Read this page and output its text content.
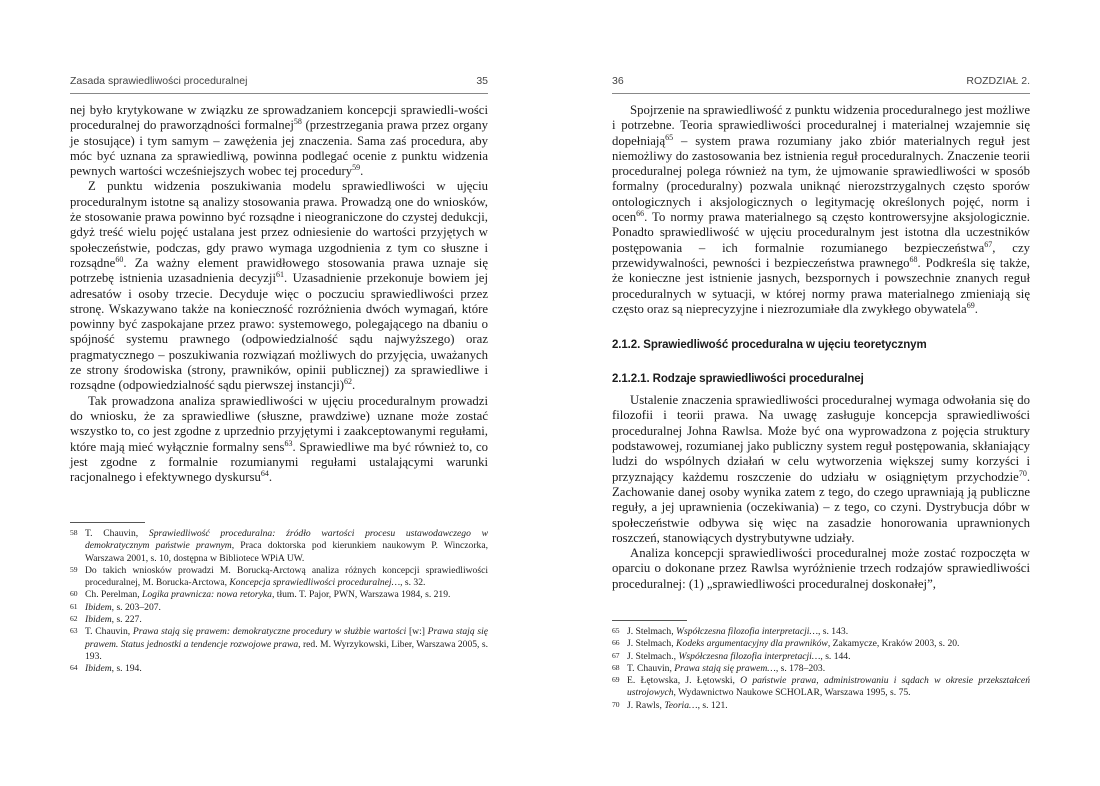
Zasada sprawiedliwości proceduralnej	35

nej było krytykowane w związku ze sprowadzaniem koncepcji sprawiedli-wości proceduralnej do praworządności formalnej$^{58}$ (przestrzegania prawa przez organy je stosujące) i tym samym – zawężenia jej znaczenia. Sama zaś procedura, aby móc być uznana za sprawiedliwą, powinna podlegać ocenie z punktu widzenia pewnych wartości wcześniejszych wobec tej procedury$^{59}$.

Z punktu widzenia poszukiwania modelu sprawiedliwości w ujęciu proceduralnym istotne są analizy stosowania prawa. Prowadzą one do wniosków, że stosowanie prawa powinno być rozsądne i nieograniczone do czystej dedukcji, gdyż treść wielu pojęć ustalana jest przez odniesienie do wartości przyjętych w społeczeństwie, podczas, gdy prawo wymaga uzgodnienia z tym co słuszne i rozsądne$^{60}$. Za ważny element prawidłowego stosowania prawa uznaje się potrzebę istnienia uzasadnienia decyzji$^{61}$. Uzasadnienie przekonuje bowiem jej adresatów i osoby trzecie. Decyduje więc o poczuciu sprawiedliwości przez stronę. Wskazywano także na konieczność rozróżnienia dwóch wymagań, które powinny być zaspokajane przez prawo: systemowego, polegającego na dbaniu o spójność systemu prawnego (odpowiedzialność sądu najwyższego) oraz pragmatycznego – poszukiwania rozwiązań możliwych do przyjęcia, uważanych ze strony środowiska (strony, prawników, opinii publicznej) za sprawiedliwe i rozsądne (odpowiedzialność sądu pierwszej instancji)$^{62}$.

Tak prowadzona analiza sprawiedliwości w ujęciu proceduralnym prowadzi do wniosku, że za sprawiedliwe (słuszne, prawdziwe) uznane może zostać wszystko to, co jest zgodne z uprzednio przyjętymi i zaakceptowanymi regułami, które mają mieć wyłącznie formalny sens$^{63}$. Sprawiedliwe ma być również to, co jest zgodne z formalnie rozumianymi regułami ustalającymi warunki racjonalnego i efektywnego dyskursu$^{64}$.

58 T. Chauvin, Sprawiedliwość proceduralna: źródło wartości procesu ustawodawczego w demokratycznym państwie prawnym, Praca doktorska pod kierunkiem naukowym P. Winczorka, Warszawa 2001, s. 10, dostępna w Bibliotece WPiA UW.

59 Do takich wniosków prowadzi M. Borucką-Arctową analiza różnych koncepcji sprawiedliwości proceduralnej, M. Borucka-Arctowa, Koncepcja sprawiedliwości proceduralnej…, s. 32.

60 Ch. Perelman, Logika prawnicza: nowa retoryka, tłum. T. Pajor, PWN, Warszawa 1984, s. 219.

61 Ibidem, s. 203–207.

62 Ibidem, s. 227.

63 T. Chauvin, Prawa stają się prawem: demokratyczne procedury w służbie wartości [w:] Prawa stają się prawem. Status jednostki a tendencje rozwojowe prawa, red. M. Wyrzykowski, Liber, Warszawa 2005, s. 193.

64 Ibidem, s. 194.

36	ROZDZIAŁ 2.

Spojrzenie na sprawiedliwość z punktu widzenia proceduralnego jest możliwe i potrzebne. Teoria sprawiedliwości proceduralnej i materialnej wzajemnie się dopełniają$^{65}$ – system prawa rozumiany jako zbiór materialnych reguł jest niemożliwy do zastosowania bez istnienia reguł proceduralnych. Znaczenie teorii proceduralnej polega również na tym, że ujmowanie sprawiedliwości w sposób formalny (proceduralny) pozwala uniknąć nierozstrzygalnych często sporów ontologicznych i aksjologicznych o legitymację określonych pojęć, norm i ocen$^{66}$. To normy prawa materialnego są często kontrowersyjne aksjologicznie. Ponadto sprawiedliwość w ujęciu proceduralnym jest istotna dla uczestników postępowania – ich formalnie rozumianego bezpieczeństwa$^{67}$, czy przewidywalności, pewności i bezpieczeństwa prawnego$^{68}$. Podkreśla się także, że konieczne jest istnienie jasnych, bezspornych i powszechnie znanych reguł proceduralnych w sytuacji, w której normy prawa materialnego zmieniają się często oraz są nieprecyzyjne i niezrozumiałe dla zwykłego obywatela$^{69}$.

2.1.2. Sprawiedliwość proceduralna w ujęciu teoretycznym
2.1.2.1. Rodzaje sprawiedliwości proceduralnej

Ustalenie znaczenia sprawiedliwości proceduralnej wymaga odwołania się do filozofii i teorii prawa. Na uwagę zasługuje koncepcja sprawiedliwości proceduralnej Johna Rawlsa. Może być ona wyprowadzona z pojęcia struktury podstawowej, rozumianej jako publiczny system reguł postępowania, skłaniający ludzi do wspólnych działań w celu wytworzenia większej sumy korzyści i przyznający każdemu roszczenie do udziału w osiągniętym przychodzie$^{70}$. Zachowanie danej osoby wynika zatem z tego, do czego uprawniają ją publiczne reguły, a jej uprawnienia (oczekiwania) – z tego, co czyni. Dystrybucja dóbr w społeczeństwie odbywa się więc na zasadzie honorowania uprawnionych roszczeń, stanowiących dystrybutywne udziały.

Analiza koncepcji sprawiedliwości proceduralnej może zostać rozpoczęta w oparciu o dokonane przez Rawlsa wyróżnienie trzech rodzajów sprawiedliwości proceduralnej: (1) „sprawiedliwości proceduralnej doskonałej”,

65 J. Stelmach, Współczesna filozofia interpretacji…, s. 143.

66 J. Stelmach, Kodeks argumentacyjny dla prawników, Zakamycze, Kraków 2003, s. 20.

67 J. Stelmach., Współczesna filozofia interpretacji…, s. 144.

68 T. Chauvin, Prawa stają się prawem…, s. 178–203.

69 E. Łętowska, J. Łętowski, O państwie prawa, administrowaniu i sądach w okresie przekształceń ustrojowych, Wydawnictwo Naukowe SCHOLAR, Warszawa 1995, s. 75.

70 J. Rawls, Teoria…, s. 121.
